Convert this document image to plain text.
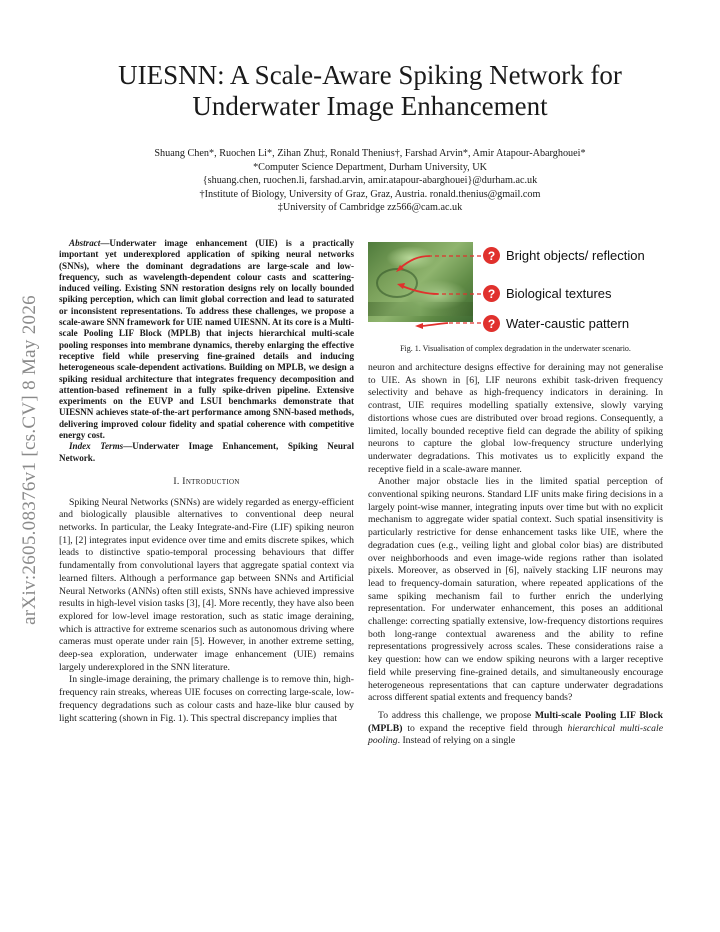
arXiv:2605.08376v1 [cs.CV] 8 May 2026
UIESNN: A Scale-Aware Spiking Network for
Underwater Image Enhancement
Shuang Chen*, Ruochen Li*, Zihan Zhu‡, Ronald Thenius†, Farshad Arvin*, Amir Atapour-Abarghouei*
*Computer Science Department, Durham University, UK
{shuang.chen, ruochen.li, farshad.arvin, amir.atapour-abarghouei}@durham.ac.uk
†Institute of Biology, University of Graz, Graz, Austria. ronald.thenius@gmail.com
‡University of Cambridge zz566@cam.ac.uk

Abstract—Underwater image enhancement (UIE) is a practically important yet underexplored application of spiking neural networks (SNNs), where the dominant degradations are large-scale and low-frequency, such as wavelength-dependent colour casts and scattering-induced veiling. Existing SNN restoration designs rely on locally bounded spiking perception, which can limit global correction and lead to saturated or inconsistent representations. To address these challenges, we propose a scale-aware SNN framework for UIE named UIESNN. At its core is a Multi-scale Pooling LIF Block (MPLB) that injects hierarchical multi-scale pooling responses into membrane dynamics, thereby enlarging the effective receptive field while preserving fine-grained details and inducing heterogeneous scale-dependent activations. Building on MPLB, we design a spiking residual architecture that integrates frequency decomposition and attention-based refinement in a fully spike-driven pipeline. Extensive experiments on the EUVP and LSUI benchmarks demonstrate that UIESNN achieves state-of-the-art performance among SNN-based methods, delivering improved colour fidelity and spatial coherence with competitive energy cost.

Index Terms—Underwater Image Enhancement, Spiking Neural Network.

I. Introduction

Spiking Neural Networks (SNNs) are widely regarded as energy-efficient and biologically plausible alternatives to conventional deep neural networks. In particular, the Leaky Integrate-and-Fire (LIF) spiking neuron [1], [2] integrates input evidence over time and emits discrete spikes, which leads to distinctive spatio-temporal processing behaviours that differ fundamentally from convolutional layers that aggregate spatial context via learned filters. Although a performance gap between SNNs and Artificial Neural Networks (ANNs) often still exists, SNNs have achieved impressive results in high-level vision tasks [3], [4]. More recently, they have also been explored for low-level image restoration, such as static image deraining, which is attractive for extreme scenarios such as autonomous driving where cameras must operate under rain [5]. However, in another extreme setting, deep-sea exploration, underwater image enhancement (UIE) remains largely underexplored in the SNN literature.

In single-image deraining, the primary challenge is to remove thin, high-frequency rain streaks, whereas UIE focuses on correcting large-scale, low-frequency degradations such as colour casts and haze-like blur caused by light scattering (shown in Fig. 1). This spectral discrepancy implies that

? Bright objects/ reflection
? Biological textures
? Water-caustic pattern
Fig. 1. Visualisation of complex degradation in the underwater scenario.

neuron and architecture designs effective for deraining may not generalise to UIE. As shown in [6], LIF neurons exhibit task-driven frequency selectivity and behave as high-frequency indicators in deraining. In contrast, UIE requires modelling spatially extensive, slowly varying distortions whose cues are distributed over broad regions. Consequently, a limited, locally bounded receptive field can degrade the ability of spiking neurons to capture the global low-frequency structure underlying underwater degradations. This motivates us to explicitly expand the receptive field in a scale-aware manner.

Another major obstacle lies in the limited spatial perception of conventional spiking neurons. Standard LIF units make firing decisions in a largely point-wise manner, integrating inputs over time but with no explicit mechanism to aggregate wider spatial context. Such spatial insensitivity is particularly restrictive for dense enhancement tasks like UIE, where the degradation cues (e.g., veiling light and global color bias) are distributed over neighborhoods and even image-wide regions rather than isolated pixels. Moreover, as observed in [6], naïvely stacking LIF neurons may lead to frequency-domain saturation, where repeated applications of the same spiking mechanism fail to further enrich the underlying representation. For underwater enhancement, this poses an additional challenge: correcting spatially extensive, low-frequency distortions requires both long-range contextual awareness and the ability to refine representations progressively across scales. These considerations raise a key question: how can we endow spiking neurons with a larger receptive field while preserving fine-grained details, and simultaneously encourage heterogeneous representations that can capture underwater degradations across different spatial extents and frequency bands?

To address this challenge, we propose Multi-scale Pooling LIF Block (MPLB) to expand the receptive field through hierarchical multi-scale pooling. Instead of relying on a single
